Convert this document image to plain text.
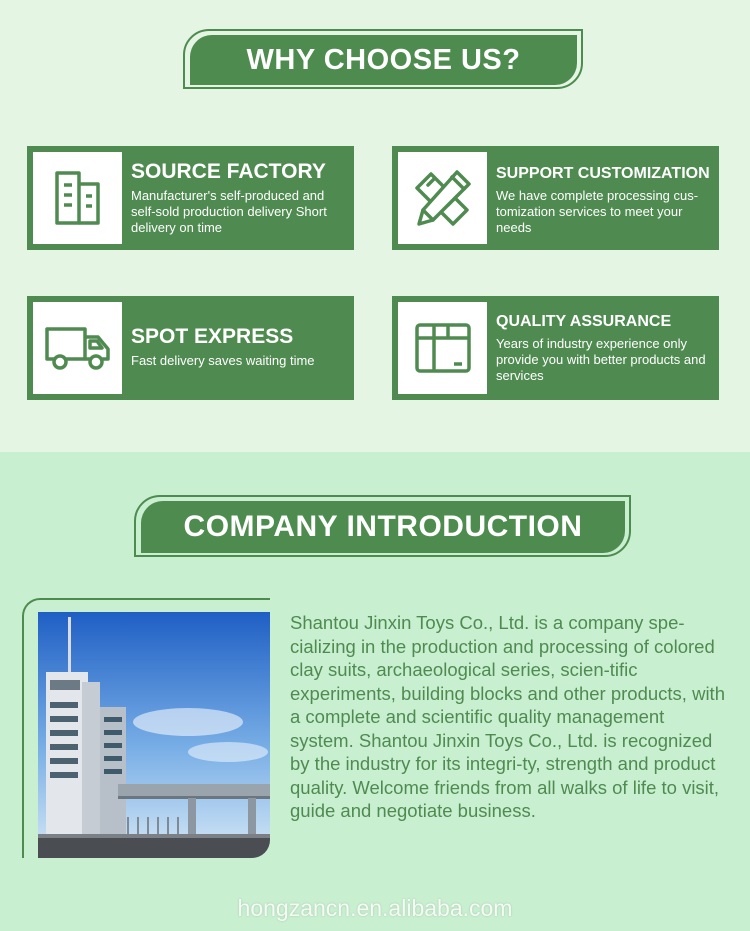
WHY CHOOSE US?
SOURCE FACTORY
Manufacturer's self-produced and self-sold production delivery Short delivery on time
SUPPORT CUSTOMIZATION
We have complete processing cus-tomization services to meet your needs
SPOT EXPRESS
Fast delivery saves waiting time
QUALITY ASSURANCE
Years of industry experience only provide you with better products and services
COMPANY INTRODUCTION
Shantou Jinxin Toys Co., Ltd. is a company spe-cializing in the production and processing of colored clay suits, archaeological series, scien-tific experiments, building blocks and other products, with a complete and scientific quality management system. Shantou Jinxin Toys Co., Ltd. is recognized by the industry for its integri-ty, strength and product quality. Welcome friends from all walks of life to visit, guide and negotiate business.
hongzancn.en.alibaba.com
